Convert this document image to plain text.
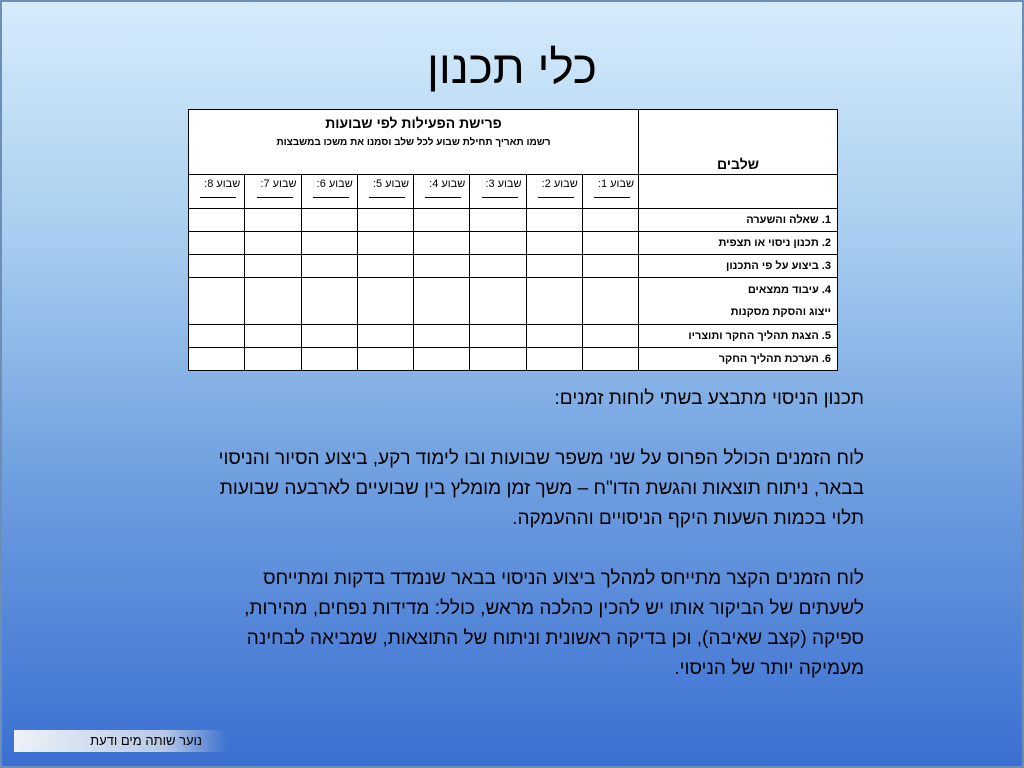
כלי תכנון
שלבים	פרישת הפעילות לפי שבועות
רשמו תאריך תחילת שבוע לכל שלב וסמנו את משכו במשבצות							

	שבוע 1:	שבוע 2:	שבוע 3:	שבוע 4:	שבוע 5:	שבוע 6:	שבוע 7:	שבוע 8:

1. שאלה והשערה								
2. תכנון ניסוי או תצפית								
3. ביצוע על פי התכנון								
4. עיבוד ממצאים
ייצוג והסקת מסקנות								

5. הצגת תהליך החקר ותוצריו								
6. הערכת תהליך החקר								

תכנון הניסוי מתבצע בשתי לוחות זמנים:

לוח הזמנים הכולל הפרוס על שני משפר שבועות ובו לימוד רקע, ביצוע הסיור והניסוי בבאר, ניתוח תוצאות והגשת הדו"ח – משך זמן מומלץ בין שבועיים לארבעה שבועות תלוי בכמות השעות היקף הניסויים וההעמקה.

לוח הזמנים הקצר מתייחס למהלך ביצוע הניסוי בבאר שנמדד בדקות ומתייחס לשעתים של הביקור אותו יש להכין כהלכה מראש, כולל: מדידות נפחים, מהירות, ספיקה (קצב שאיבה), וכן בדיקה ראשונית וניתוח של התוצאות, שמביאה לבחינה מעמיקה יותר של הניסוי.

נוער שותה מים ודעת
